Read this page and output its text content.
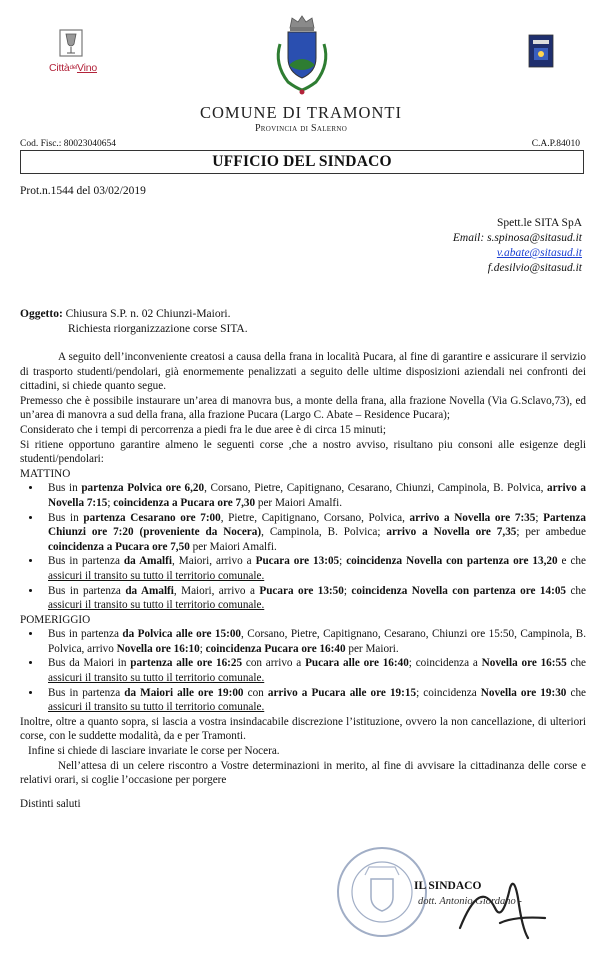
CittàdelVino
COMUNE DI TRAMONTI
Provincia di Salerno
Cod. Fisc.: 80023040654	C.A.P.84010
UFFICIO DEL SINDACO
Prot.n.1544 del 03/02/2019
Spett.le SITA SpA
Email: s.spinosa@sitasud.it
v.abate@sitasud.it
f.desilvio@sitasud.it
Oggetto: Chiusura S.P. n. 02 Chiunzi-Maiori.
Richiesta riorganizzazione corse SITA.

A seguito dell’inconveniente creatosi a causa della frana in località Pucara, al fine di garantire e assicurare il servizio di trasporto studenti/pendolari, già enormemente penalizzati a seguito delle ultime disposizioni aziendali nei confronti dei cittadini, si chiede quanto segue.

Premesso che è possibile instaurare un’area di manovra bus, a monte della frana, alla frazione Novella (Via G.Sclavo,73), ed un’area di manovra a sud della frana, alla frazione Pucara (Largo C. Abate – Residence Pucara);

Considerato che i tempi di percorrenza a piedi fra le due aree è di circa 15 minuti;

Si ritiene opportuno garantire almeno le seguenti corse ,che a nostro avviso, risultano piu consoni alle esigenze degli studenti/pendolari:

MATTINO

• Bus in partenza Polvica ore 6,20, Corsano, Pietre, Capitignano, Cesarano, Chiunzi, Campinola, B. Polvica, arrivo a Novella 7:15; coincidenza a Pucara ore 7,30 per Maiori Amalfi.
• Bus in partenza Cesarano ore 7:00, Pietre, Capitignano, Corsano, Polvica, arrivo a Novella ore 7:35; Partenza Chiunzi ore 7:20 (proveniente da Nocera), Campinola, B. Polvica; arrivo a Novella ore 7,35; per ambedue coincidenza a Pucara ore 7,50 per Maiori Amalfi.
• Bus in partenza da Amalfi, Maiori, arrivo a Pucara ore 13:05; coincidenza Novella con partenza ore 13,20 e che assicuri il transito su tutto il territorio comunale.
• Bus in partenza da Amalfi, Maiori, arrivo a Pucara ore 13:50; coincidenza Novella con partenza ore 14:05 che assicuri il transito su tutto il territorio comunale.

POMERIGGIO

• Bus in partenza da Polvica alle ore 15:00, Corsano, Pietre, Capitignano, Cesarano, Chiunzi ore 15:50, Campinola, B. Polvica, arrivo Novella ore 16:10; coincidenza Pucara ore 16:40 per Maiori.
• Bus da Maiori in partenza alle ore 16:25 con arrivo a Pucara alle ore 16:40; coincidenza a Novella ore 16:55 che assicuri il transito su tutto il territorio comunale.
• Bus in partenza da Maiori alle ore 19:00 con arrivo a Pucara alle ore 19:15; coincidenza Novella ore 19:30 che assicuri il transito su tutto il territorio comunale.

Inoltre, oltre a quanto sopra, si lascia a vostra insindacabile discrezione l’istituzione, ovvero la non cancellazione, di ulteriori corse, con le suddette modalità, da e per Tramonti.

Infine si chiede di lasciare invariate le corse per Nocera.

Nell’attesa di un celere riscontro a Vostre determinazioni in merito, al fine di avvisare la cittadinanza delle corse e relativi orari, si coglie l’occasione per porgere

Distinti saluti

IL SINDACO
dott. Antonio Giordano -
